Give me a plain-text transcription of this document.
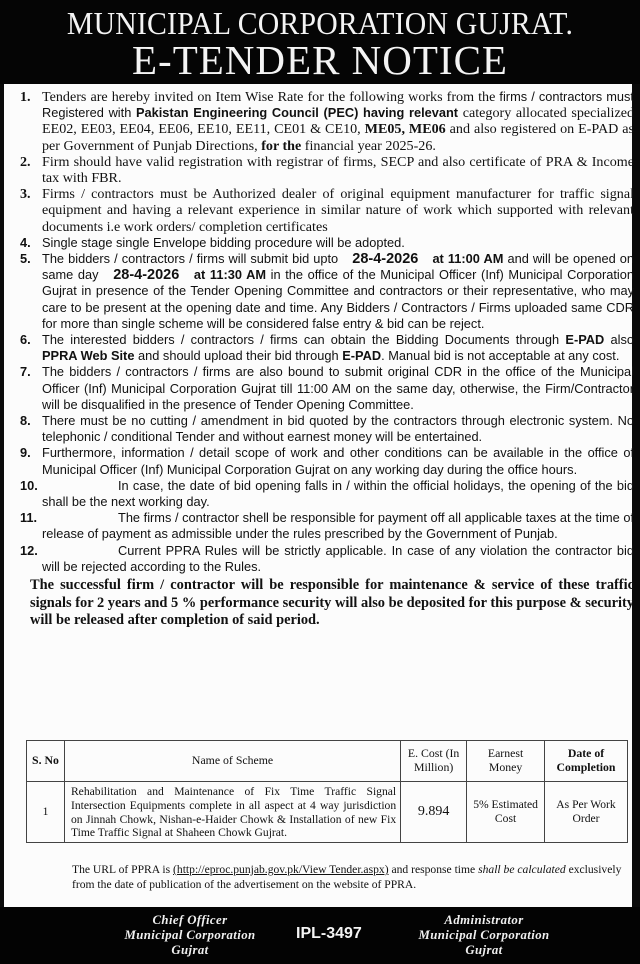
MUNICIPAL CORPORATION GUJRAT.
E-TENDER NOTICE

1. Tenders are hereby invited on Item Wise Rate for the following works from the firms / contractors must Registered with Pakistan Engineering Council (PEC) having relevant category allocated specialized EE02, EE03, EE04, EE06, EE10, EE11, CE01 & CE10, ME05, ME06 and also registered on E-PAD as per Government of Punjab Directions, for the financial year 2025-26.

2. Firm should have valid registration with registrar of firms, SECP and also certificate of PRA & Income tax with FBR.

3. Firms / contractors must be Authorized dealer of original equipment manufacturer for traffic signal equipment and having a relevant experience in similar nature of work which supported with relevant documents i.e work orders/ completion certificates

4. Single stage single Envelope bidding procedure will be adopted.

5. The bidders / contractors / firms will submit bid upto 28-4-2026 at 11:00 AM and will be opened on same day 28-4-2026 at 11:30 AM in the office of the Municipal Officer (Inf) Municipal Corporation Gujrat in presence of the Tender Opening Committee and contractors or their representative, who may care to be present at the opening date and time. Any Bidders / Contractors / Firms uploaded same CDR for more than single scheme will be considered false entry & bid can be reject.

6. The interested bidders / contractors / firms can obtain the Bidding Documents through E-PAD also PPRA Web Site and should upload their bid through E-PAD. Manual bid is not acceptable at any cost.

7. The bidders / contractors / firms are also bound to submit original CDR in the office of the Municipal Officer (Inf) Municipal Corporation Gujrat till 11:00 AM on the same day, otherwise, the Firm/Contractor will be disqualified in the presence of Tender Opening Committee.

8. There must be no cutting / amendment in bid quoted by the contractors through electronic system. No telephonic / conditional Tender and without earnest money will be entertained.

9. Furthermore, information / detail scope of work and other conditions can be available in the office of Municipal Officer (Inf) Municipal Corporation Gujrat on any working day during the office hours.

10.	In case, the date of bid opening falls in / within the official holidays, the opening of the bid shall be the next working day.

11.	The firms / contractor shell be responsible for payment off all applicable taxes at the time of release of payment as admissible under the rules prescribed by the Government of Punjab.

12.	Current PPRA Rules will be strictly applicable. In case of any violation the contractor bid will be rejected according to the Rules.

The successful firm / contractor will be responsible for maintenance & service of these traffic signals for 2 years and 5 % performance security will also be deposited for this purpose & security will be released after completion of said period.

S. No	Name of Scheme	E. Cost (In Million)	Earnest Money	Date of Completion
1	Rehabilitation and Maintenance of Fix Time Traffic Signal Intersection Equipments complete in all aspect at 4 way jurisdiction on Jinnah Chowk, Nishan-e-Haider Chowk & Installation of new Fix Time Traffic Signal at Shaheen Chowk Gujrat.	9.894	5% Estimated Cost	As Per Work Order
The URL of PPRA is (http://eproc.punjab.gov.pk/View Tender.aspx) and response time shall be calculated exclusively from the date of publication of the advertisement on the website of PPRA.
Chief Officer
Municipal Corporation
Gujrat
IPL-3497
Administrator
Municipal Corporation
Gujrat
